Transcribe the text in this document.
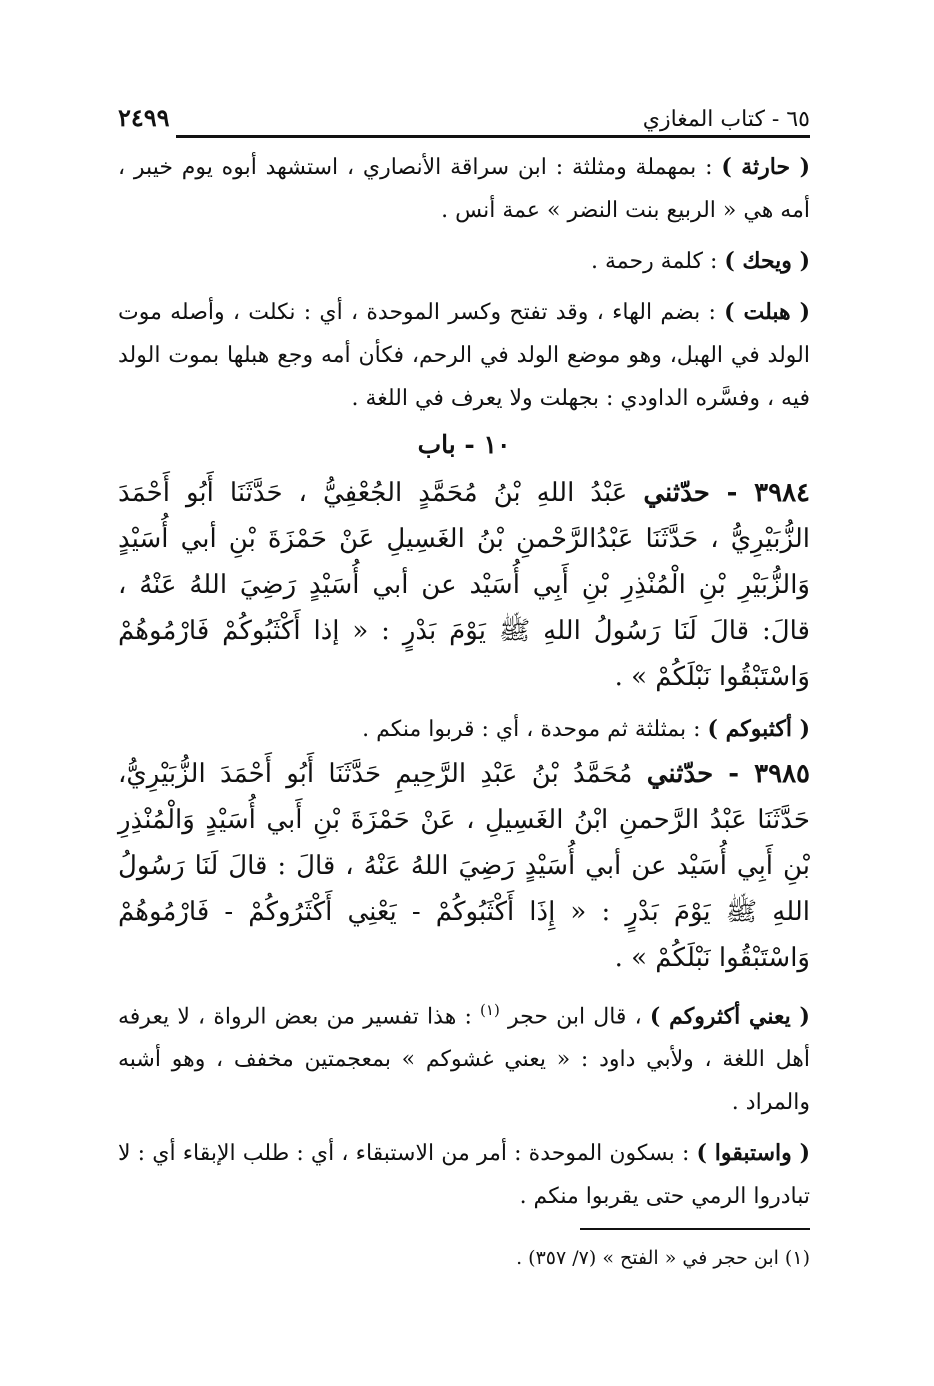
٦٥ - كتاب المغازي
٢٤٩٩

( حارثة ) : بمهملة ومثلثة : ابن سراقة الأنصاري ، استشهد أبوه يوم خيبر ، أمه هي « الربيع بنت النضر » عمة أنس .

( ويحك ) : كلمة رحمة .

( هبلت ) : بضم الهاء ، وقد تفتح وكسر الموحدة ، أي : نكلت ، وأصله موت الولد في الهبل، وهو موضع الولد في الرحم، فكأن أمه وجع هبلها بموت الولد فيه ، وفسَّره الداودي : بجهلت ولا يعرف في اللغة .

١٠ - باب

٣٩٨٤ - حدّثني عَبْدُ اللهِ بْنُ مُحَمَّدٍ الجُعْفِيُّ ، حَدَّثَنَا أَبُو أَحْمَدَ الزُّبَيْرِيُّ ، حَدَّثَنَا عَبْدُالرَّحْمنِ بْنُ الغَسِيلِ عَنْ حَمْزَةَ بْنِ أبي أُسَيْدٍ وَالزُّبَيْرِ بْنِ الْمُنْذِرِ بْنِ أَبِي أُسَيْد عن أبي أُسَيْدٍ رَضِيَ اللهُ عَنْهُ ، قالَ: قالَ لَنَا رَسُولُ اللهِ ﷺ يَوْمَ بَدْرٍ : « إذا أَكْثَبُوكُمْ فَارْمُوهُمْ وَاسْتَبْقُوا نَبْلَكُمْ » .

( أكثبوكم ) : بمثلثة ثم موحدة ، أي : قربوا منكم .

٣٩٨٥ - حدّثني مُحَمَّدُ بْنُ عَبْدِ الرَّحِيمِ حَدَّثَنَا أَبُو أَحْمَدَ الزُّبَيْرِيُّ، حَدَّثَنَا عَبْدُ الرَّحمنِ ابْنُ الغَسِيلِ ، عَنْ حَمْزَةَ بْنِ أَبي أُسَيْدٍ وَالْمُنْذِرِ بْنِ أَبِي أُسَيْد عن أبي أُسَيْدٍ رَضِيَ اللهُ عَنْهُ ، قالَ : قالَ لَنَا رَسُولُ اللهِ ﷺ يَوْمَ بَدْرٍ : « إِذَا أَكْثَبُوكُمْ - يَعْنِي أَكْثَرُوكُمْ - فَارْمُوهُمْ وَاسْتَبْقُوا نَبْلَكُمْ » .

( يعني أكثروكم ) ، قال ابن حجر $^{(١)}$ : هذا تفسير من بعض الرواة ، لا يعرفه أهل اللغة ، ولأبي داود : « يعني غشوكم » بمعجمتين مخفف ، وهو أشبه والمراد .

( واستبقوا ) : بسكون الموحدة : أمر من الاستبقاء ، أي : طلب الإبقاء أي : لا تبادروا الرمي حتى يقربوا منكم .

(١) ابن حجر في « الفتح » (٧/ ٣٥٧) .
